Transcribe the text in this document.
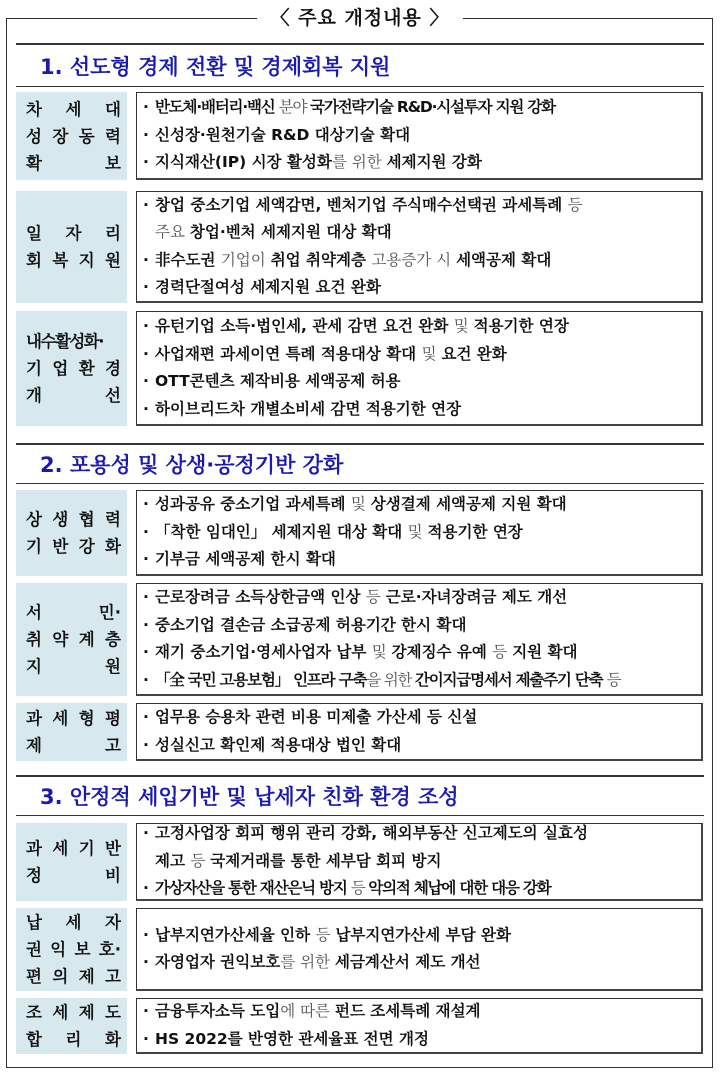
〈 주요 개정내용 〉
1. 선도형 경제 전환 및 경제회복 지원
차 세 대
성 장 동 력
확	보
· 반도체·배터리·백신 분야 국가전략기술 R&D·시설투자 지원 강화
· 신성장·원천기술 R&D 대상기술 확대
· 지식재산(IP) 시장 활성화를 위한 세제지원 강화
일 자 리
회 복 지 원
· 창업 중소기업 세액감면, 벤처기업 주식매수선택권 과세특례 등
주요 창업·벤처 세제지원 대상 확대
· 非수도권 기업이 취업 취약계층 고용증가 시 세액공제 확대
· 경력단절여성 세제지원 요건 완화
내수활성화·
기 업 환 경
개	선
· 유턴기업 소득·법인세, 관세 감면 요건 완화 및 적용기한 연장
· 사업재편 과세이연 특례 적용대상 확대 및 요건 완화
· OTT콘텐츠 제작비용 세액공제 허용
· 하이브리드차 개별소비세 감면 적용기한 연장
2. 포용성 및 상생·공정기반 강화
상 생 협 력
기 반 강 화
· 성과공유 중소기업 과세특례 및 상생결제 세액공제 지원 확대
· 「착한 임대인」 세제지원 대상 확대 및 적용기한 연장
· 기부금 세액공제 한시 확대
서	민·
취 약 계 층
지	원
· 근로장려금 소득상한금액 인상 등 근로·자녀장려금 제도 개선
· 중소기업 결손금 소급공제 허용기간 한시 확대
· 재기 중소기업·영세사업자 납부 및 강제징수 유예 등 지원 확대
· 「全 국민 고용보험」 인프라 구축을 위한 간이지급명세서 제출주기 단축 등
과 세 형 평
제	고
· 업무용 승용차 관련 비용 미제출 가산세 등 신설
· 성실신고 확인제 적용대상 법인 확대
3. 안정적 세입기반 및 납세자 친화 환경 조성
과 세 기 반
정	비
· 고정사업장 회피 행위 관리 강화, 해외부동산 신고제도의 실효성
제고 등 국제거래를 통한 세부담 회피 방지
· 가상자산을 통한 재산은닉 방지 등 악의적 체납에 대한 대응 강화
납 세 자
권 익 보 호·
편 의 제 고
· 납부지연가산세율 인하 등 납부지연가산세 부담 완화
· 자영업자 권익보호를 위한 세금계산서 제도 개선
조 세 제 도
합 리 화
· 금융투자소득 도입에 따른 펀드 조세특례 재설계
· HS 2022를 반영한 관세율표 전면 개정
